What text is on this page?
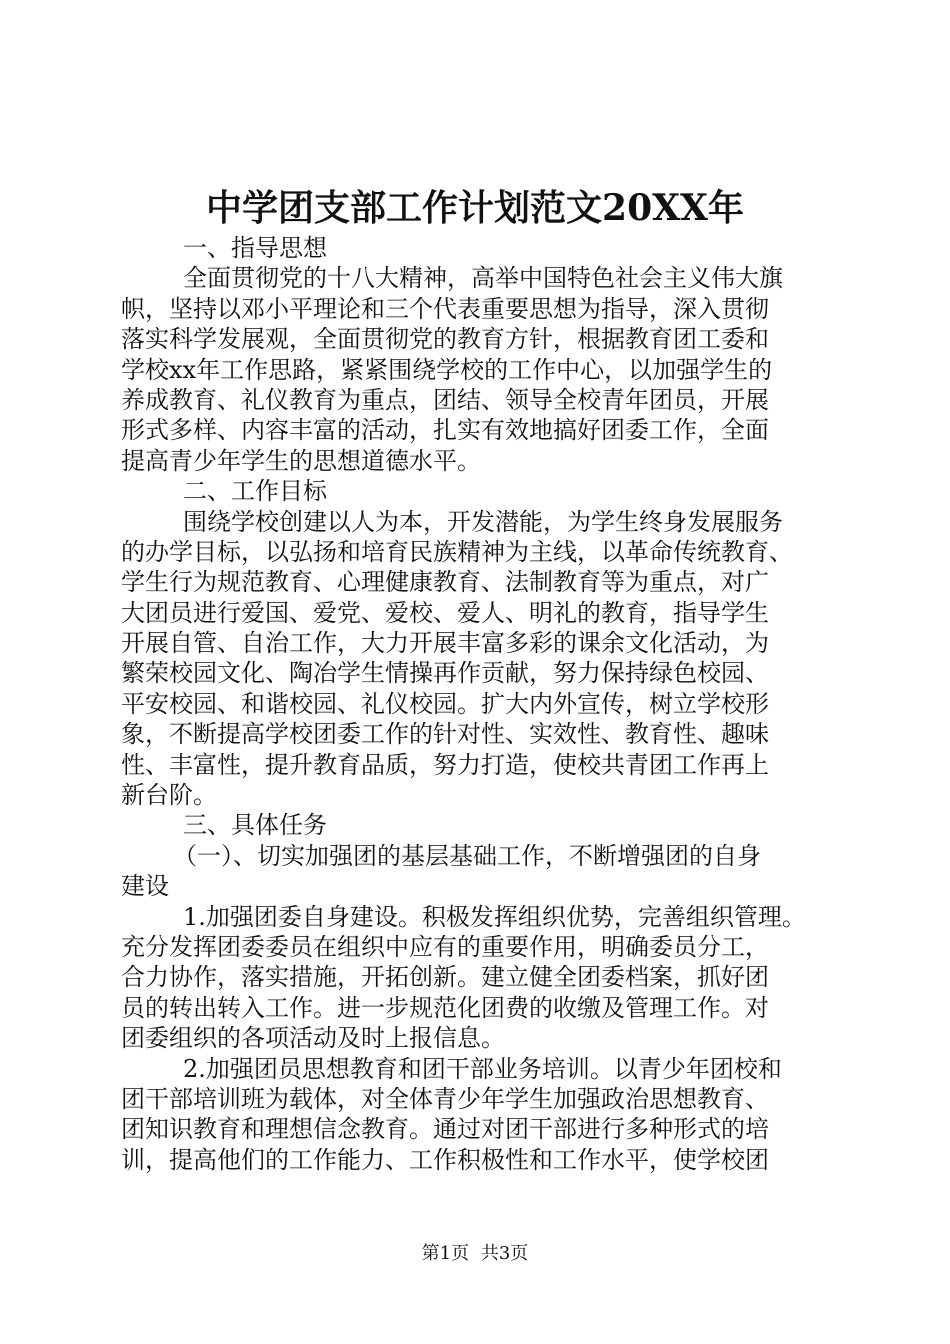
中学团支部工作计划范文20XX年
一、指导思想
全面贯彻党的十八大精神，高举中国特色社会主义伟大旗
帜，坚持以邓小平理论和三个代表重要思想为指导，深入贯彻
落实科学发展观，全面贯彻党的教育方针，根据教育团工委和
学校xx年工作思路，紧紧围绕学校的工作中心，以加强学生的
养成教育、礼仪教育为重点，团结、领导全校青年团员，开展
形式多样、内容丰富的活动，扎实有效地搞好团委工作，全面
提高青少年学生的思想道德水平。
二、工作目标
围绕学校创建以人为本，开发潜能，为学生终身发展服务
的办学目标，以弘扬和培育民族精神为主线，以革命传统教育、
学生行为规范教育、心理健康教育、法制教育等为重点，对广
大团员进行爱国、爱党、爱校、爱人、明礼的教育，指导学生
开展自管、自治工作，大力开展丰富多彩的课余文化活动，为
繁荣校园文化、陶冶学生情操再作贡献，努力保持绿色校园、
平安校园、和谐校园、礼仪校园。扩大内外宣传，树立学校形
象，不断提高学校团委工作的针对性、实效性、教育性、趣味
性、丰富性，提升教育品质，努力打造，使校共青团工作再上
新台阶。
三、具体任务
（一）、切实加强团的基层基础工作，不断增强团的自身
建设
1.加强团委自身建设。积极发挥组织优势，完善组织管理。
充分发挥团委委员在组织中应有的重要作用，明确委员分工，
合力协作，落实措施，开拓创新。建立健全团委档案，抓好团
员的转出转入工作。进一步规范化团费的收缴及管理工作。对
团委组织的各项活动及时上报信息。
2.加强团员思想教育和团干部业务培训。以青少年团校和
团干部培训班为载体，对全体青少年学生加强政治思想教育、
团知识教育和理想信念教育。通过对团干部进行多种形式的培
训，提高他们的工作能力、工作积极性和工作水平，使学校团
第1页 共3页
